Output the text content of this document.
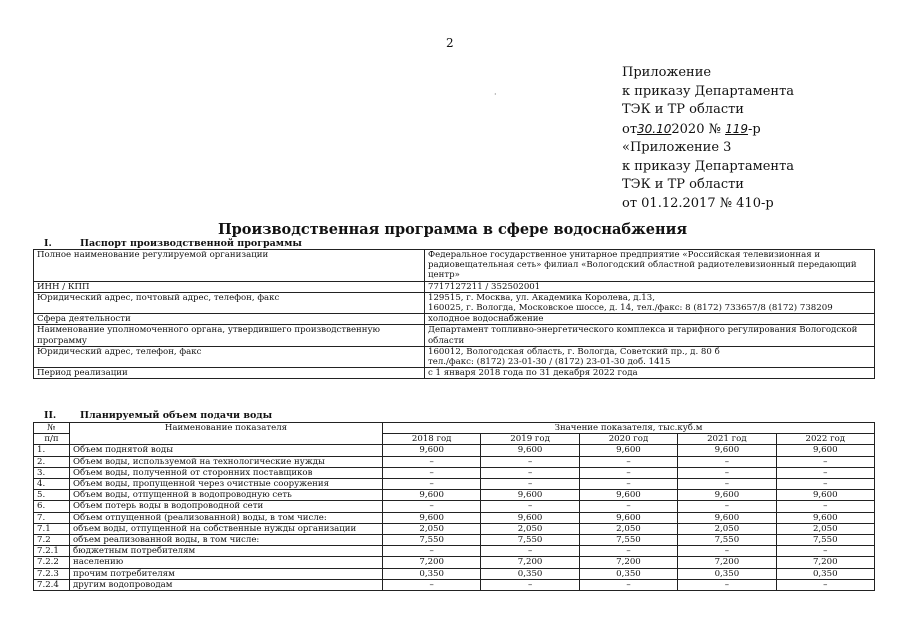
2
·
Приложение
к приказу Департамента
ТЭК и ТР области
от30.102020 № 119-р
«Приложение 3
к приказу Департамента
ТЭК и ТР области
от 01.12.2017 № 410-р
Производственная программа в сфере водоснабжения
I.	Паспорт производственной программы
Полное наименование регулируемой организации	Федеральное государственное унитарное предприятие «Российская телевизионная и радиовещательная сеть» филиал «Вологодский областной радиотелевизионный передающий центр»
ИНН / КПП	7717127211 / 352502001
Юридический адрес, почтовый адрес, телефон, факс	129515, г. Москва, ул. Академика Королева, д.13,
160025, г. Вологда, Московское шоссе, д. 14, тел./факс: 8 (8172) 733657/8 (8172) 738209

Сфера деятельности	холодное водоснабжение
Наименование уполномоченного органа, утвердившего производственную программу	Департамент топливно-энергетического комплекса и тарифного регулирования Вологодской области
Юридический адрес, телефон, факс	160012, Вологодская область, г. Вологда, Советский пр., д. 80 б
тел./факс: (8172) 23-01-30 / (8172) 23-01-30 доб. 1415

Период реализации	с 1 января 2018 года по 31 декабря 2022 года
II.	Планируемый объем подачи воды
№	Наименование показателя	Значение показателя, тыс.куб.м				
п/п		2018 год	2019 год	2020 год	2021 год	2022 год
1.	Объем поднятой воды	9,600	9,600	9,600	9,600	9,600
2.	Объем воды, используемой на технологические нужды	–	–	–	–	–
3.	Объем воды, полученной от сторонних поставщиков	–	–	–	–	–
4.	Объем воды, пропущенной через очистные сооружения	–	–	–	–	–
5.	Объем воды, отпущенной в водопроводную сеть	9,600	9,600	9,600	9,600	9,600
6.	Объем потерь воды в водопроводной сети	–	–	–	–	–
7.	Объем отпущенной (реализованной) воды, в том числе:	9,600	9,600	9,600	9,600	9,600
7.1	объем воды, отпущенной на собственные нужды организации	2,050	2,050	2,050	2,050	2,050
7.2	объем реализованной воды, в том числе:	7,550	7,550	7,550	7,550	7,550
7.2.1	бюджетным потребителям	–	–	–	–	–
7.2.2	населению	7,200	7,200	7,200	7,200	7,200
7.2.3	прочим потребителям	0,350	0,350	0,350	0,350	0,350
7.2.4	другим водопроводам	–	–	–	–	–
